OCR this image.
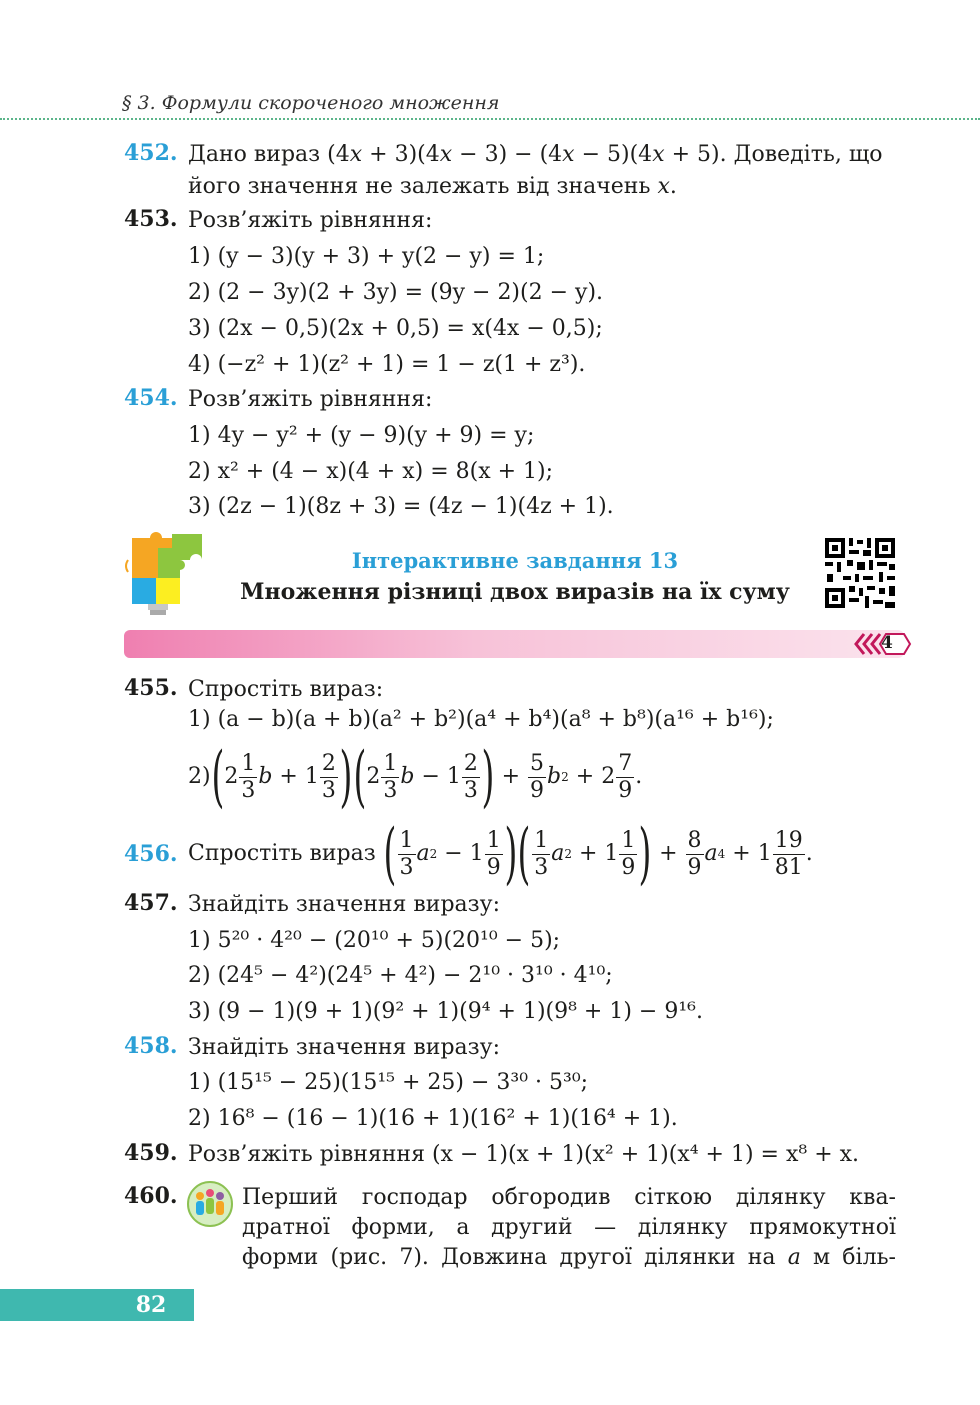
§ 3. Формули скороченого множення
452. Дано вираз (4x + 3)(4x − 3) − (4x − 5)(4x + 5). Доведіть, що
його значення не залежать від значень x.
453. Розв’яжіть рівняння:
1) (y − 3)(y + 3) + y(2 − y) = 1;
2) (2 − 3y)(2 + 3y) = (9y − 2)(2 − y).
3) (2x − 0,5)(2x + 0,5) = x(4x − 0,5);
4) (−z² + 1)(z² + 1) = 1 − z(1 + z³).
454. Розв’яжіть рівняння:
1) 4y − y² + (y − 9)(y + 9) = y;
2) x² + (4 − x)(4 + x) = 8(x + 1);
3) (2z − 1)(8z + 3) = (4z − 1)(4z + 1).
Інтерактивне завдання 13
Множення різниці двох виразів на їх суму
4
455. Спростіть вираз:
1) (a − b)(a + b)(a² + b²)(a⁴ + b⁴)(a⁸ + b⁸)(a¹⁶ + b¹⁶);
2) ( $2 \frac{1}{3}$ $b + 1 \frac{2}{3}$ ) ( $2 \frac{1}{3}$ $b - 1 \frac{2}{3}$ ) + $\frac{5}{9}$ b $2 + 2 \frac{7}{9}$ .
456. Спростіть вираз
( $\frac{1}{3}$ a $2 - 1 \frac{1}{9}$ ) ( $\frac{1}{3}$ a $2 + 1 \frac{1}{9}$ ) + $\frac{8}{9}$ a $4 + 1 \frac{19}{81}$ .
457. Знайдіть значення виразу:
1) 5²⁰ · 4²⁰ − (20¹⁰ + 5)(20¹⁰ − 5);
2) (24⁵ − 4²)(24⁵ + 4²) − 2¹⁰ · 3¹⁰ · 4¹⁰;
3) (9 − 1)(9 + 1)(9² + 1)(9⁴ + 1)(9⁸ + 1) − 9¹⁶.
458. Знайдіть значення виразу:
1) (15¹⁵ − 25)(15¹⁵ + 25) − 3³⁰ · 5³⁰;
2) 16⁸ − (16 − 1)(16 + 1)(16² + 1)(16⁴ + 1).
459. Розв’яжіть рівняння (x − 1)(x + 1)(x² + 1)(x⁴ + 1) = x⁸ + x.
460.	Перший господар обгородив сіткою ділянку ква-
дратної форми, а другий — ділянку прямокутної
форми (рис. 7). Довжина другої ділянки на a м біль-
82
